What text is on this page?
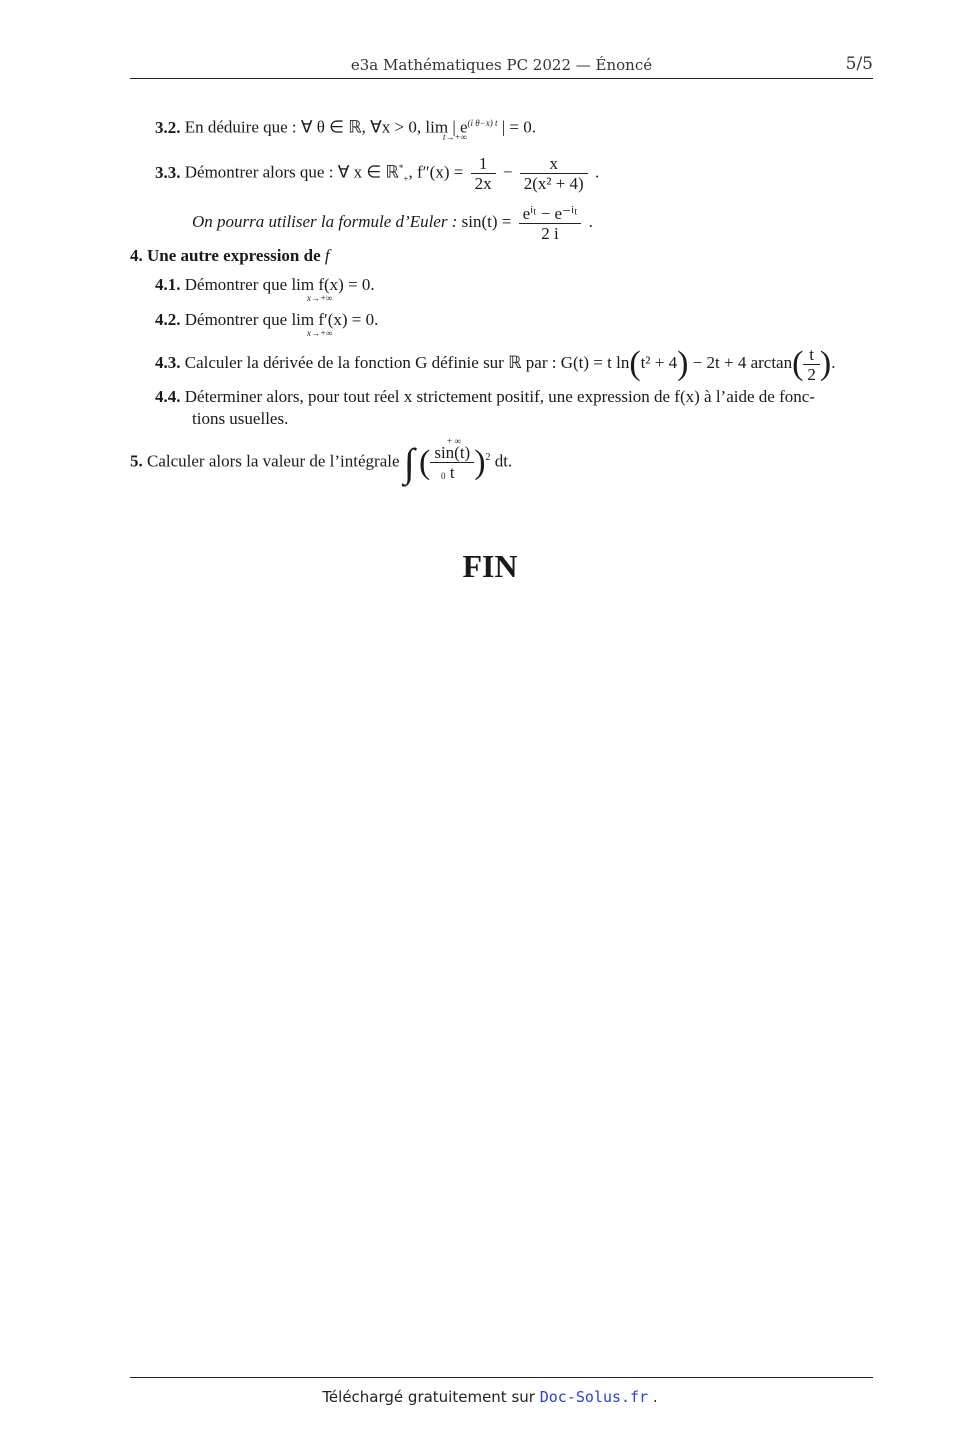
e3a Mathématiques PC 2022 — Énoncé	5/5
3.2. En déduire que : ∀ θ ∈ ℝ, ∀x > 0, lim | $e^{(i \theta-x) t}$ | = 0.
t→+∞
3.3. Démontrer alors que : ∀ x ∈ ℝ*$_+$, $f''(x) = \frac{1}{2x} - \frac{x}{\text{2(x² + 4)}}$ .
On pourra utiliser la formule d’Euler : $\sin(t) = \frac{\text{eⁱᵗ − e⁻ⁱᵗ}}{2 i}$ .
4. Une autre expression de f
4.1. Démontrer que lim f(x) = 0.
x→+∞
4.2. Démontrer que lim f′(x) = 0.
x→+∞
4.3. Calculer la dérivée de la fonction G définie sur ℝ par : G(t) = t ln(t² + 4) − 2t + 4 $\arctan( \frac{t}{2}$ ).
4.4. Déterminer alors, pour tout réel x strictement positif, une expression de f(x) à l’aide de fonc-
tions usuelles.
5. Calculer alors la valeur de l’intégrale ∫ ( $\frac{\sin(t)}{t} )^2$ dt.
+ ∞
0
FIN
Téléchargé gratuitement sur Doc-Solus.fr .
